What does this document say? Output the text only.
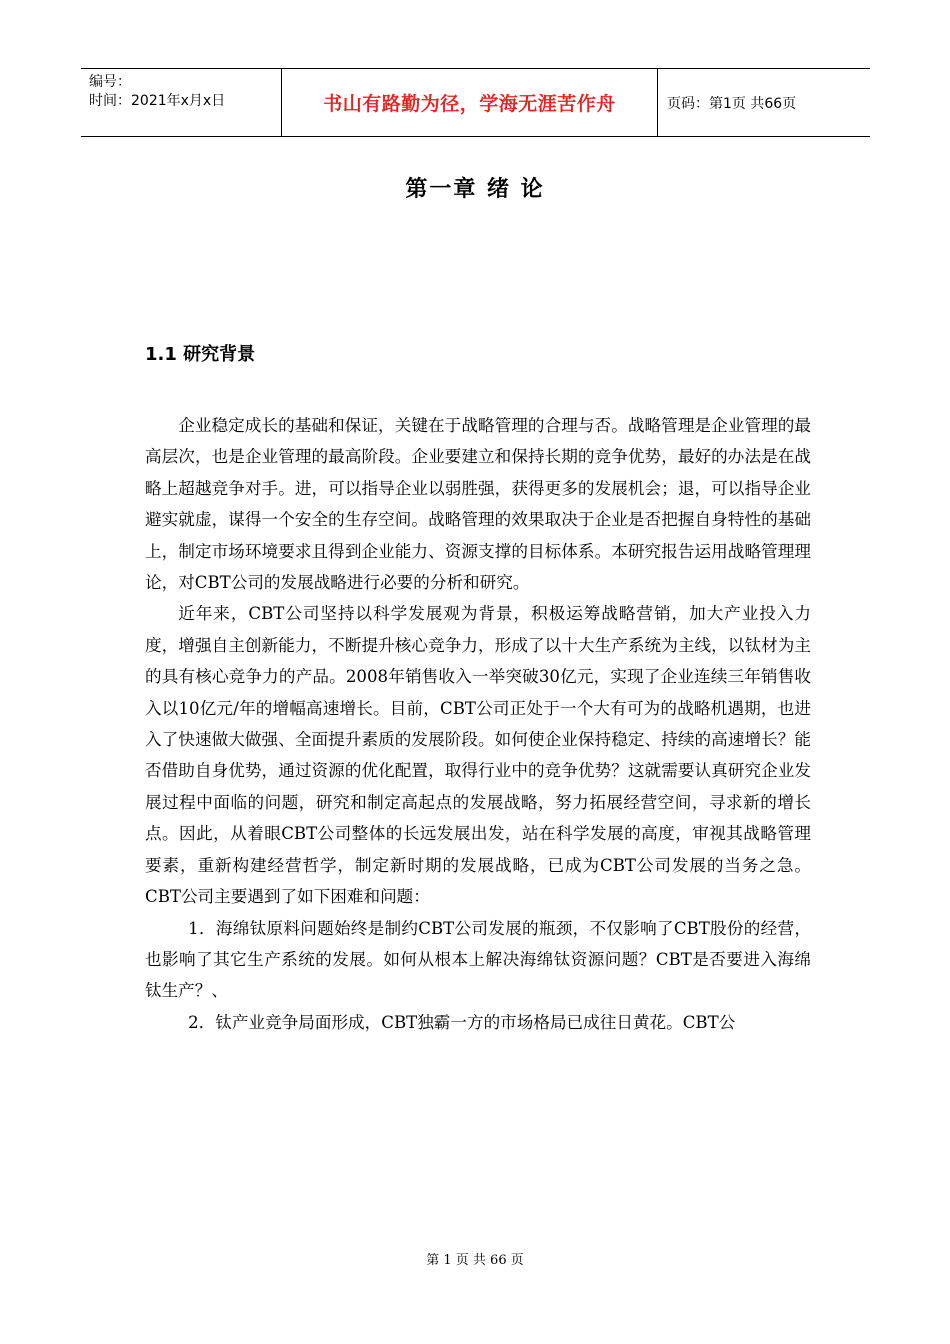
编号：
时间：2021年x月x日	书山有路勤为径，学海无涯苦作舟	页码：第1页 共66页
第一章 绪 论
1.1 研究背景

企业稳定成长的基础和保证，关键在于战略管理的合理与否。战略管理是企业管理的最高层次，也是企业管理的最高阶段。企业要建立和保持长期的竞争优势，最好的办法是在战略上超越竞争对手。进，可以指导企业以弱胜强，获得更多的发展机会；退，可以指导企业避实就虚，谋得一个安全的生存空间。战略管理的效果取决于企业是否把握自身特性的基础上，制定市场环境要求且得到企业能力、资源支撑的目标体系。本研究报告运用战略管理理论，对CBT公司的发展战略进行必要的分析和研究。

近年来，CBT公司坚持以科学发展观为背景，积极运筹战略营销，加大产业投入力度，增强自主创新能力，不断提升核心竞争力，形成了以十大生产系统为主线，以钛材为主的具有核心竞争力的产品。2008年销售收入一举突破30亿元，实现了企业连续三年销售收入以10亿元/年的增幅高速增长。目前，CBT公司正处于一个大有可为的战略机遇期，也进入了快速做大做强、全面提升素质的发展阶段。如何使企业保持稳定、持续的高速增长？能否借助自身优势，通过资源的优化配置，取得行业中的竞争优势？这就需要认真研究企业发展过程中面临的问题，研究和制定高起点的发展战略，努力拓展经营空间，寻求新的增长点。因此，从着眼CBT公司整体的长远发展出发，站在科学发展的高度，审视其战略管理要素，重新构建经营哲学，制定新时期的发展战略，已成为CBT公司发展的当务之急。CBT公司主要遇到了如下困难和问题：

1．海绵钛原料问题始终是制约CBT公司发展的瓶颈，不仅影响了CBT股份的经营，也影响了其它生产系统的发展。如何从根本上解决海绵钛资源问题？CBT是否要进入海绵钛生产？、

2．钛产业竞争局面形成，CBT独霸一方的市场格局已成往日黄花。CBT公

第 1 页 共 66 页
